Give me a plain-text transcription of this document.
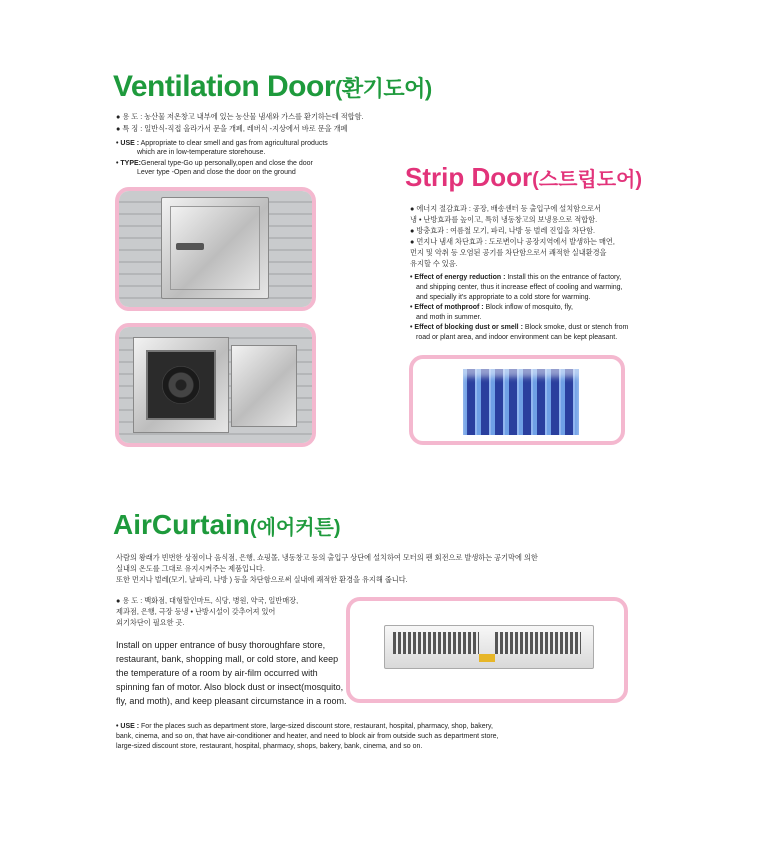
Ventilation Door(환기도어)
● 용 도 : 농산물 저온창고 내부에 있는 농산물 냄새와 가스를 환기하는데 적합함.
● 특 징 : 일반식-직접 올라가서 문을 개폐, 레버식 -지상에서 바로 문을 개폐
• USE : Appropriate to clear smell and gas from agricultural products
which are in low-temperature storehouse.
• TYPE:General type-Go up personally,open and close the door
Lever type -Open and close the door on the ground	Strip Door(스트립도어)
● 에너지 절감효과 : 공장, 배송센터 등 출입구에 설치함으로서
냉 • 난방효과를 높이고, 특히 냉동창고의 보냉용으로 적합함.
● 방충효과 : 여름철 모기, 파리, 나방 등 벌레 진입을 차단함.
● 먼지나 냄새 차단효과 : 도로변이나 공장지역에서 발생하는 매연,
먼지 및 악취 등 오염된 공기를 차단함으로서 쾌적한 실내환경을
유지할 수 있음.
• Effect of energy reduction : Install this on the entrance of factory,
and shipping center, thus it increase effect of cooling and warming,
and specially it's appropriate to a cold store for warming.
• Effect of mothproof : Block inflow of mosquito, fly,
and moth in summer.
• Effect of blocking dust or smell : Block smoke, dust or stench from
road or plant area, and indoor environment can be kept pleasant.
AirCurtain(에어커튼)
사람의 왕래가 빈번한 상점이나 음식점, 은행, 쇼핑몰, 냉동창고 등의 출입구 상단에 설치하여 모터의 팬 회전으로 발생하는 공기막에 의한
실내의 온도를 그대로 유지시켜주는 제품입니다.
또한 먼지나 벌레(모기, 날파리, 나방 ) 등을 차단함으로써 실내에 쾌적한 환경을 유지해 줍니다.
● 용 도 : 백화점, 대형할인마트, 식당, 병원, 약국, 일반매장,
제과점, 은행, 극장 등냉 • 난방시설이 갖추어져 있어
외기차단이 필요한 곳.
Install on upper entrance of busy thoroughfare store,
restaurant, bank, shopping mall, or cold store, and keep
the temperature of a room by air-film occurred with
spinning fan of motor. Also block dust or insect(mosquito,
fly, and moth), and keep pleasant circumstance in a room.
• USE : For the places such as department store, large-sized discount store, restaurant, hospital, pharmacy, shop, bakery,
bank, cinema, and so on, that have air-conditioner and heater, and need to block air from outside such as department store,
large-sized discount store, restaurant, hospital, pharmacy, shops, bakery, bank, cinema, and so on.
